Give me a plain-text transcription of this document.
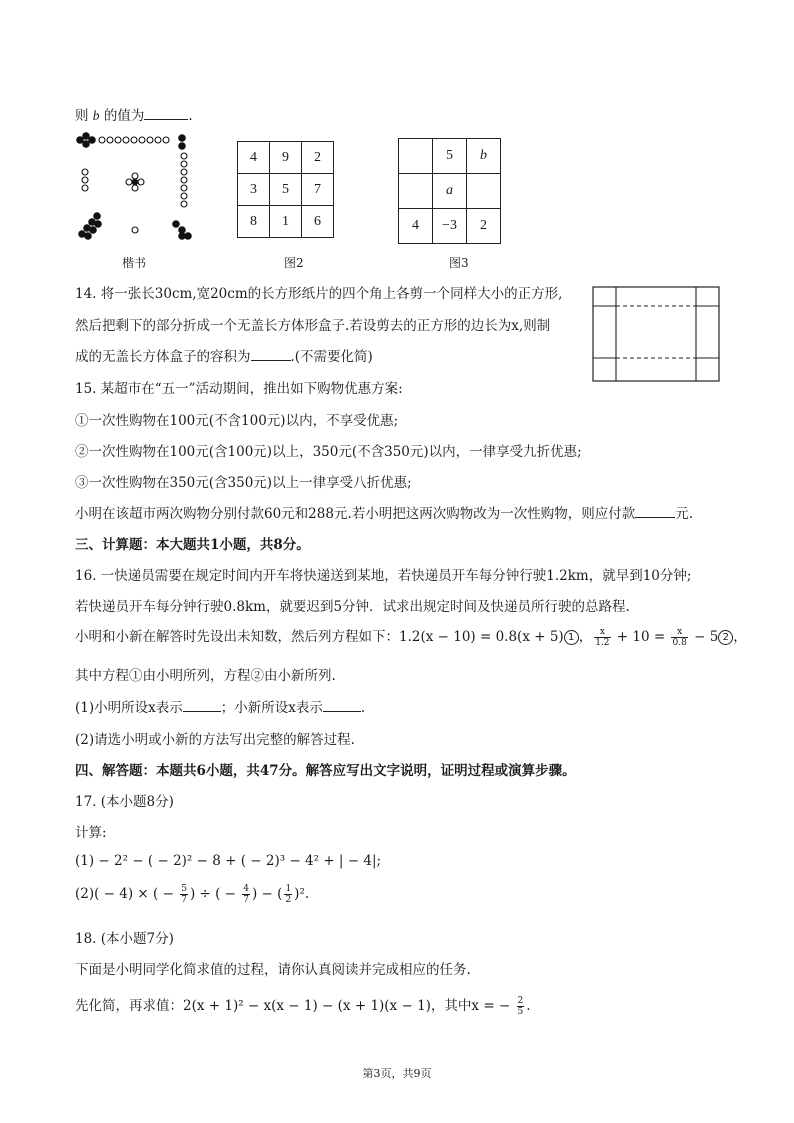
则 b 的值为	.
楷书
4	9	2
3	5	7
8	1	6
图2
	5	b
	a	
4	−3	2
图3
14. 将一张长30cm,宽20cm的长方形纸片的四个角上各剪一个同样大小的正方形,
然后把剩下的部分折成一个无盖长方体形盒子.若设剪去的正方形的边长为x,则制
成的无盖长方体盒子的容积为	.(不需要化简)
15. 某超市在“五一”活动期间，推出如下购物优惠方案:
①一次性购物在100元(不含100元)以内，不享受优惠;
②一次性购物在100元(含100元)以上，350元(不含350元)以内，一律享受九折优惠;
③一次性购物在350元(含350元)以上一律享受八折优惠;
小明在该超市两次购物分别付款60元和288元.若小明把这两次购物改为一次性购物，则应付款	元.
三、计算题：本大题共1小题，共8分。
16. 一快递员需要在规定时间内开车将快递送到某地，若快递员开车每分钟行驶1.2km，就早到10分钟;
若快递员开车每分钟行驶0.8km，就要迟到5分钟．试求出规定时间及快递员所行驶的总路程.
小明和小新在解答时先设出未知数，然后列方程如下：1.2(x − 10) = 0.8(x + 5) 1 ， $\frac{x}{1.2} + 10 = \frac{x}{0.8} - 5$ 2 ，
其中方程①由小明所列，方程②由小新所列.
(1)小明所设x表示	；小新所设x表示	.
(2)请选小明或小新的方法写出完整的解答过程.
四、解答题：本题共6小题，共47分。解答应写出文字说明，证明过程或演算步骤。
17. (本小题8分)
计算:
(1) − 2² − ( − 2)² − 8 + ( − 2)³ − 4² + | − 4|;
(2)( − 4) × ( − $\frac{5}{7}$ ) ÷ ( − $\frac{4}{7}$ ) − ( $\frac{1}{2} )^2$.
18. (本小题7分)
下面是小明同学化简求值的过程，请你认真阅读并完成相应的任务.
先化简，再求值：2(x + 1)² − x(x − 1) − (x + 1)(x − 1)，其中x = − $\frac{2}{5}$ .
第3页，共9页
